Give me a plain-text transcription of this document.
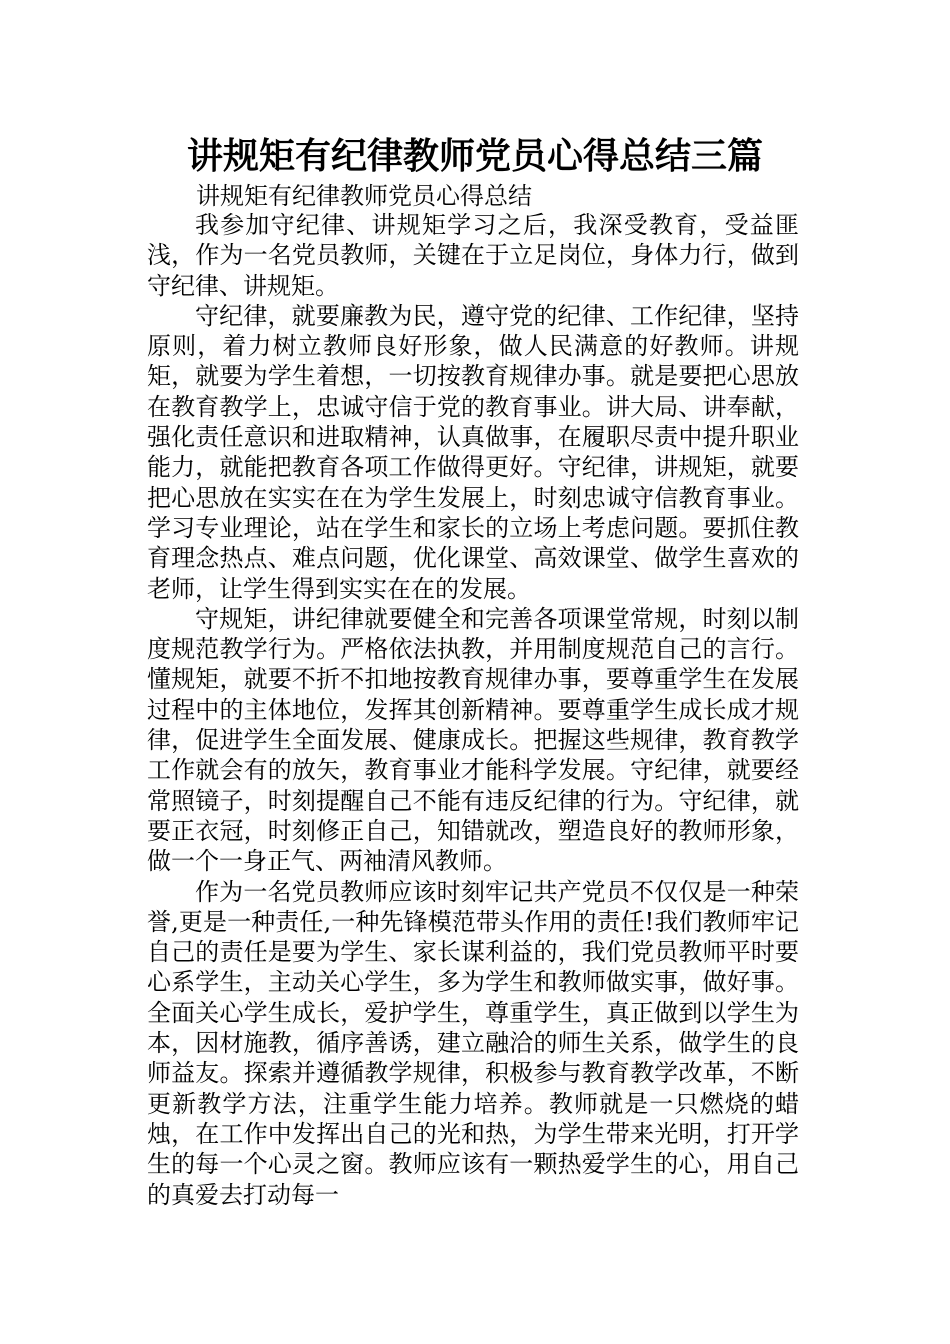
讲规矩有纪律教师党员心得总结三篇
讲规矩有纪律教师党员心得总结

我参加守纪律、讲规矩学习之后，我深受教育，受益匪浅，作为一名党员教师，关键在于立足岗位，身体力行，做到守纪律、讲规矩。

守纪律，就要廉教为民，遵守党的纪律、工作纪律，坚持原则，着力树立教师良好形象，做人民满意的好教师。讲规矩，就要为学生着想，一切按教育规律办事。就是要把心思放在教育教学上，忠诚守信于党的教育事业。讲大局、讲奉献，强化责任意识和进取精神，认真做事，在履职尽责中提升职业能力，就能把教育各项工作做得更好。守纪律，讲规矩，就要把心思放在实实在在为学生发展上，时刻忠诚守信教育事业。学习专业理论，站在学生和家长的立场上考虑问题。要抓住教育理念热点、难点问题，优化课堂、高效课堂、做学生喜欢的老师，让学生得到实实在在的发展。

守规矩，讲纪律就要健全和完善各项课堂常规，时刻以制度规范教学行为。严格依法执教，并用制度规范自己的言行。懂规矩，就要不折不扣地按教育规律办事，要尊重学生在发展过程中的主体地位，发挥其创新精神。要尊重学生成长成才规律，促进学生全面发展、健康成长。把握这些规律，教育教学工作就会有的放矢，教育事业才能科学发展。守纪律，就要经常照镜子，时刻提醒自己不能有违反纪律的行为。守纪律，就要正衣冠，时刻修正自己，知错就改，塑造良好的教师形象，做一个一身正气、两袖清风教师。

作为一名党员教师应该时刻牢记共产党员不仅仅是一种荣誉,更是一种责任,一种先锋模范带头作用的责任!我们教师牢记自己的责任是要为学生、家长谋利益的，我们党员教师平时要心系学生，主动关心学生，多为学生和教师做实事，做好事。全面关心学生成长，爱护学生，尊重学生，真正做到以学生为本，因材施教，循序善诱，建立融洽的师生关系，做学生的良师益友。探索并遵循教学规律，积极参与教育教学改革，不断更新教学方法，注重学生能力培养。教师就是一只燃烧的蜡烛，在工作中发挥出自己的光和热，为学生带来光明，打开学生的每一个心灵之窗。教师应该有一颗热爱学生的心，用自己的真爱去打动每一
